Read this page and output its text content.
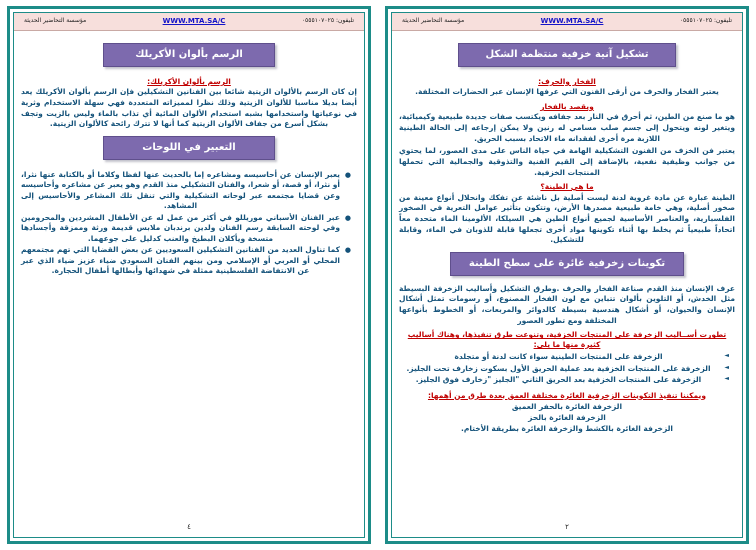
تليفون: ٠٥٥٥١٠٧٠٢٥
WWW.MTA.SA/C
مؤسسة التحاضير الحديثة
تشكيل آنية خزفية منتظمة الشكل
الفخار والحرف:

يعتبر الفخار والحرف من أرقى الفنون التي عرفها الإنسان عبر الحضارات المختلفة.

ويقصد بالفخار

هو ما صنع من الطين، ثم أحرق في النار بعد جفافه ويكتسب صفات جديدة طبيعية وكيميائية، ويتغير لونه ويتحول إلى جسم صلب مسامي له رنين ولا يمكن إرجاعه إلى الحالة الطينية اللازبة مرة أخرى لفقدانه ماء الاتحاد بسبب الحريق.

يعتبر فن الخزف من الفنون التشكيلية الهامة في حياة الناس على مدى العصور، لما يحتوي من جوانب وظيفية نفعية، بالإضافة إلى القيم الفنية والتذوقية والجمالية التي تحملها المنتجات الخزفية.

ما هي الطينة؟

الطينة عبارة عن مادة غروية لدنة ليست أصلية بل ناشئة عن تفكك وانحلال أنواع معينة من صخور أصلية، وهي خامة طبيعية مصدرها الأرض، وتتكون بتأثير عوامل التعرية في الصخور الفلسبارية، والعناصر الأساسية لجميع أنواع الطين هي السيلكا، الألومينا الماء متحدة معاً اتحاداً طبيعياً ثم يخلط بها أثناء تكوينها مواد أخرى تجعلها قابلة للذوبان في الماء، وقابلة للتشكيل.

تكوينات زخرفية غائرة على سطح الطينة

عرف الإنسان منذ القدم صناعة الفخار والحرف .وطرق التشكيل وأساليب الزخرفة البسيطة مثل الخدش، أو التلوين بألوان تتباين مع لون الفخار المصنوع، أو رسومات تمثل أشكال الإنسان والحيوان، أو أشكال هندسية بسيطة كالدوائر والمربعات، أو الخطوط بأنواعها المختلفة ومع تطور العصور

تطورت أســاليب الزخرفة على المنتجات الخزفية، وتنوعت طرق تنفيذها، وهناك أساليب كثيرة منها ما يلي:
◄
الزخرفة على المنتجات الطينية سواء كانت لدنة أو متجلدة
◄
الزخرفة على المنتجات الخزفية بعد عملية الحريق الأول بسكوت زخارف تحت الجليز.
◄
الزخرفة على المنتجات الخزفية بعد الحريق الثاني "الجليز "زخارف فوق الجليز.
ويمكننا تنفيذ التكوينات الزخرفية الغائرة مختلفة العمق بعدة طرق من أهمها:
الزخرفة الغائرة بالحفر العميق
الزخرفة الغائرة بالحز
الزخرفة الغائرة بالكشط والزخرفة الغائرة بطريقة الأختام.
٢
تليفون: ٠٥٥٥١٠٧٠٢٥
WWW.MTA.SA/C
مؤسسة التحاضير الحديثة
الرسم بألوان الأكريلك
الرسم بألوان الأكريلك:

إن كان الرسم بالألوان الزيتية شائعا بين الفنانين التشكيلين فإن الرسم بألوان الأكريلك يعد أيضا بديلا مناسبا للألوان الزيتية وذلك نظرا لمميزاته المتعددة فهي سهلة الاستخدام وثرية في نوعياتها واستخدامها بشبه استخدام الألوان المائية أي تذاب بالماء وليس بالزيت وتجف بشكل أسرع من جفاف الألوان الزيتية كما أنها لا تترك رائحة كالألوان الزيتية.

التعبير في اللوحات
●
يعبر الإنسان عن أحاسيسه ومشاعره إما بالحديث عنها لفظا وكلاما أو بالكتابة عنها نثرا، أو نثرا، أو قصة، أو شعرا، والفنان التشكيلي منذ القدم وهو يعبر عن مشاعره وأحاسيسه وعن قضايا مجتمعه عبر لوحاته التشكيلية والتي تنقل تلك المشاعر والأحاسيس إلى المشاهد.
●
عبر الفنان الأسباني موريللو في أكثر من عمل له عن الأطفال المشردين والمحرومين وفي لوحته السابقة رسم الفنان ولدين برندبان ملابس قديمة ورثة وممزقة وأجسادها متسخة ويأكلان البطيخ والعنب كدليل على جوعهما.
●
كما تناول العديد من الفنانين التشكيلين السعوديين عن بعض القضايا التي تهم مجتمعهم المحلي أو العربي أو الإسلامي ومن بينهم الفنان السعودي ضياء عزيز ضياء الذي عبر عن الانتفاضة الفلسطينية ممثلة في شهدائها وأبطالها أطفال الحجارة.
٤
